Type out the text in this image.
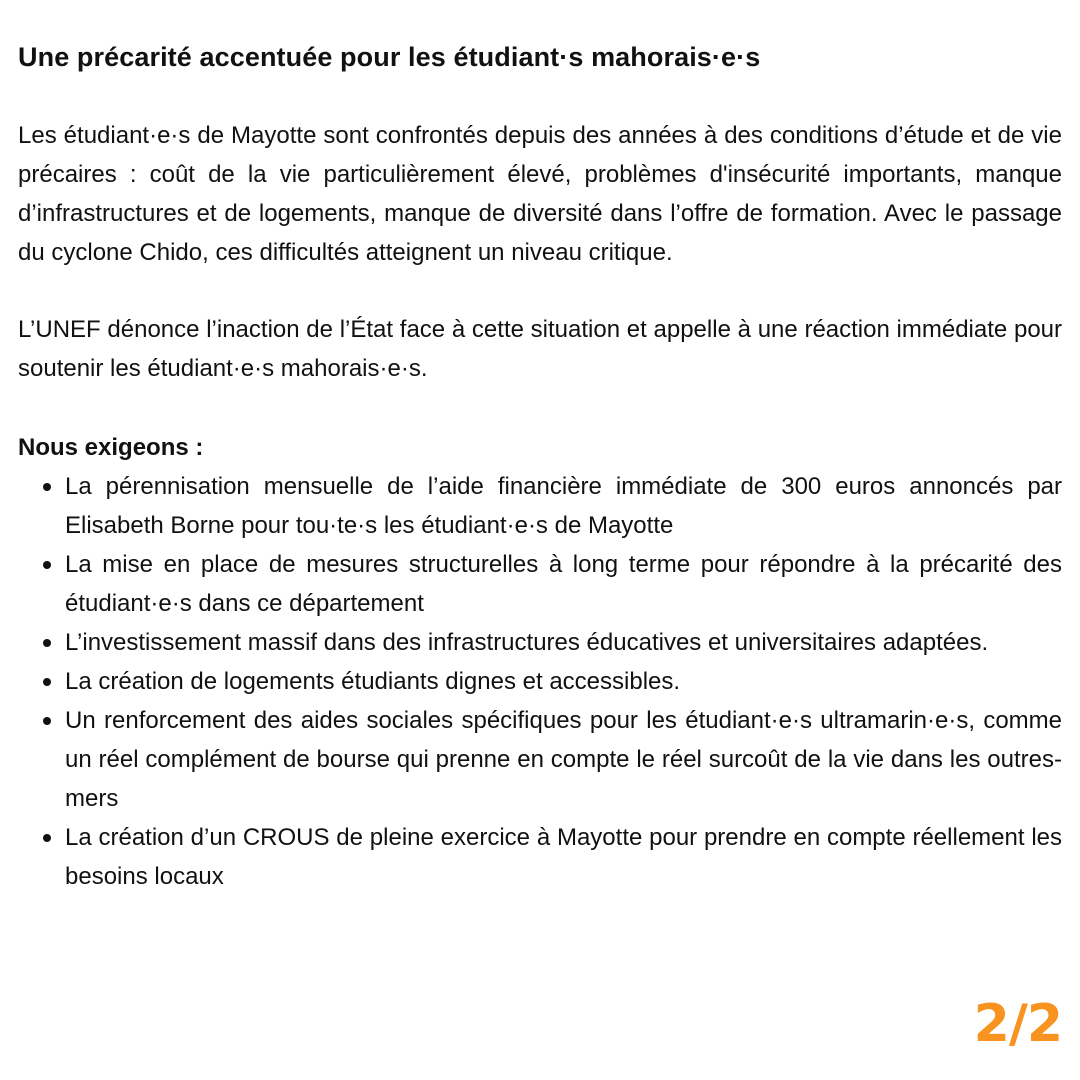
Une précarité accentuée pour les étudiant·s mahorais·e·s

Les étudiant·e·s de Mayotte sont confrontés depuis des années à des conditions d’étude et de vie précaires : coût de la vie particulièrement élevé, problèmes d'insécurité importants, manque d’infrastructures et de logements, manque de diversité dans l’offre de formation. Avec le passage du cyclone Chido, ces difficultés atteignent un niveau critique.

L’UNEF dénonce l’inaction de l’État face à cette situation et appelle à une réaction immédiate pour soutenir les étudiant·e·s mahorais·e·s.

Nous exigeons :
La pérennisation mensuelle de l’aide financière immédiate de 300 euros annoncés par Elisabeth Borne pour tou·te·s les étudiant·e·s de Mayotte
La mise en place de mesures structurelles à long terme pour répondre à la précarité des étudiant·e·s dans ce département
L’investissement massif dans des infrastructures éducatives et universitaires adaptées.
La création de logements étudiants dignes et accessibles.
Un renforcement des aides sociales spécifiques pour les étudiant·e·s ultramarin·e·s, comme un réel complément de bourse qui prenne en compte le réel surcoût de la vie dans les outres-mers
La création d’un CROUS de pleine exercice à Mayotte pour prendre en compte réellement les besoins locaux
2/2
